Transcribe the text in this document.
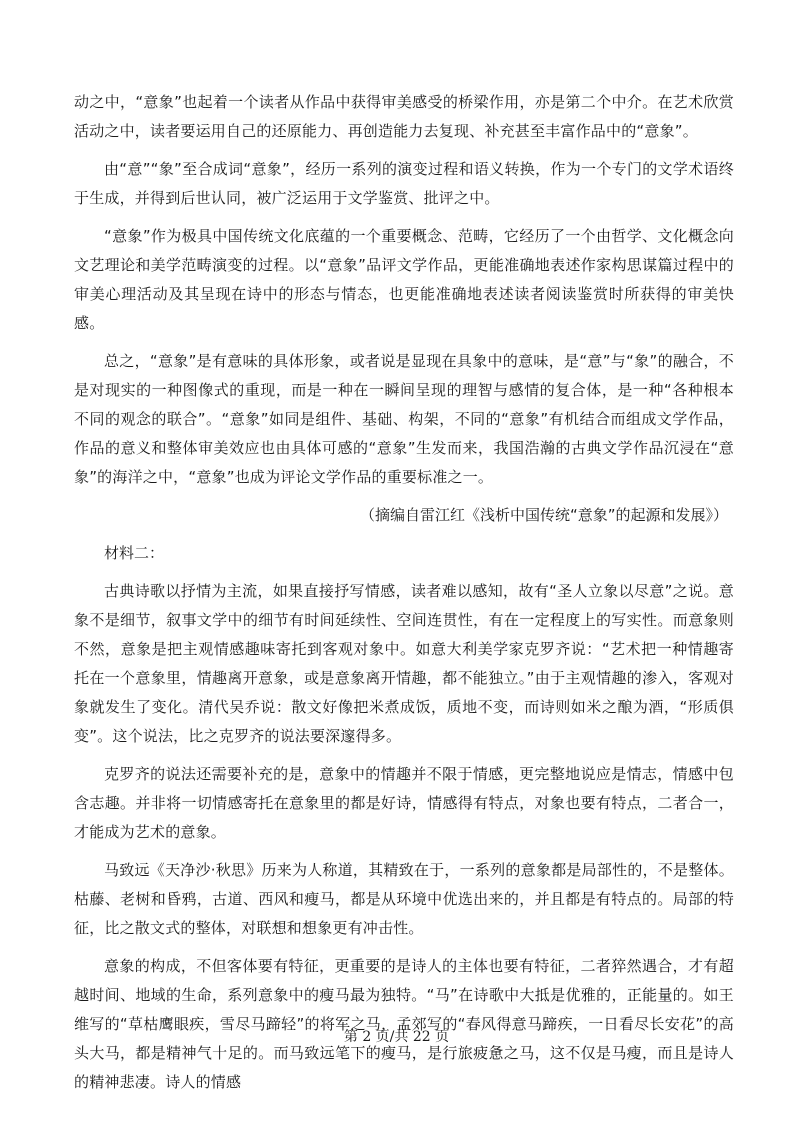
动之中，“意象”也起着一个读者从作品中获得审美感受的桥梁作用，亦是第二个中介。在艺术欣赏活动之中，读者要运用自己的还原能力、再创造能力去复现、补充甚至丰富作品中的“意象”。

由“意”“象”至合成词“意象”，经历一系列的演变过程和语义转换，作为一个专门的文学术语终于生成，并得到后世认同，被广泛运用于文学鉴赏、批评之中。

“意象”作为极具中国传统文化底蕴的一个重要概念、范畴，它经历了一个由哲学、文化概念向文艺理论和美学范畴演变的过程。以“意象”品评文学作品，更能准确地表述作家构思谋篇过程中的审美心理活动及其呈现在诗中的形态与情态，也更能准确地表述读者阅读鉴赏时所获得的审美快感。

总之，“意象”是有意味的具体形象，或者说是显现在具象中的意味，是“意”与“象”的融合，不是对现实的一种图像式的重现，而是一种在一瞬间呈现的理智与感情的复合体，是一种“各种根本不同的观念的联合”。“意象”如同是组件、基础、构架，不同的“意象”有机结合而组成文学作品，作品的意义和整体审美效应也由具体可感的“意象”生发而来，我国浩瀚的古典文学作品沉浸在“意象”的海洋之中，“意象”也成为评论文学作品的重要标准之一。

（摘编自雷江红《浅析中国传统“意象”的起源和发展》）

材料二：

古典诗歌以抒情为主流，如果直接抒写情感，读者难以感知，故有“圣人立象以尽意”之说。意象不是细节，叙事文学中的细节有时间延续性、空间连贯性，有在一定程度上的写实性。而意象则不然，意象是把主观情感趣味寄托到客观对象中。如意大利美学家克罗齐说：“艺术把一种情趣寄托在一个意象里，情趣离开意象，或是意象离开情趣，都不能独立。”由于主观情趣的渗入，客观对象就发生了变化。清代吴乔说：散文好像把米煮成饭，质地不变，而诗则如米之酿为酒，“形质俱变”。这个说法，比之克罗齐的说法要深邃得多。

克罗齐的说法还需要补充的是，意象中的情趣并不限于情感，更完整地说应是情志，情感中包含志趣。并非将一切情感寄托在意象里的都是好诗，情感得有特点，对象也要有特点，二者合一，才能成为艺术的意象。

马致远《天净沙·秋思》历来为人称道，其精致在于，一系列的意象都是局部性的，不是整体。枯藤、老树和昏鸦，古道、西风和瘦马，都是从环境中优选出来的，并且都是有特点的。局部的特征，比之散文式的整体，对联想和想象更有冲击性。

意象的构成，不但客体要有特征，更重要的是诗人的主体也要有特征，二者猝然遇合，才有超越时间、地域的生命，系列意象中的瘦马最为独特。“马”在诗歌中大抵是优雅的，正能量的。如王维写的“草枯鹰眼疾，雪尽马蹄轻”的将军之马，孟郊写的“春风得意马蹄疾，一日看尽长安花”的高头大马，都是精神气十足的。而马致远笔下的瘦马，是行旅疲惫之马，这不仅是马瘦，而且是诗人的精神悲凄。诗人的情感

第 2 页/共 22 页
